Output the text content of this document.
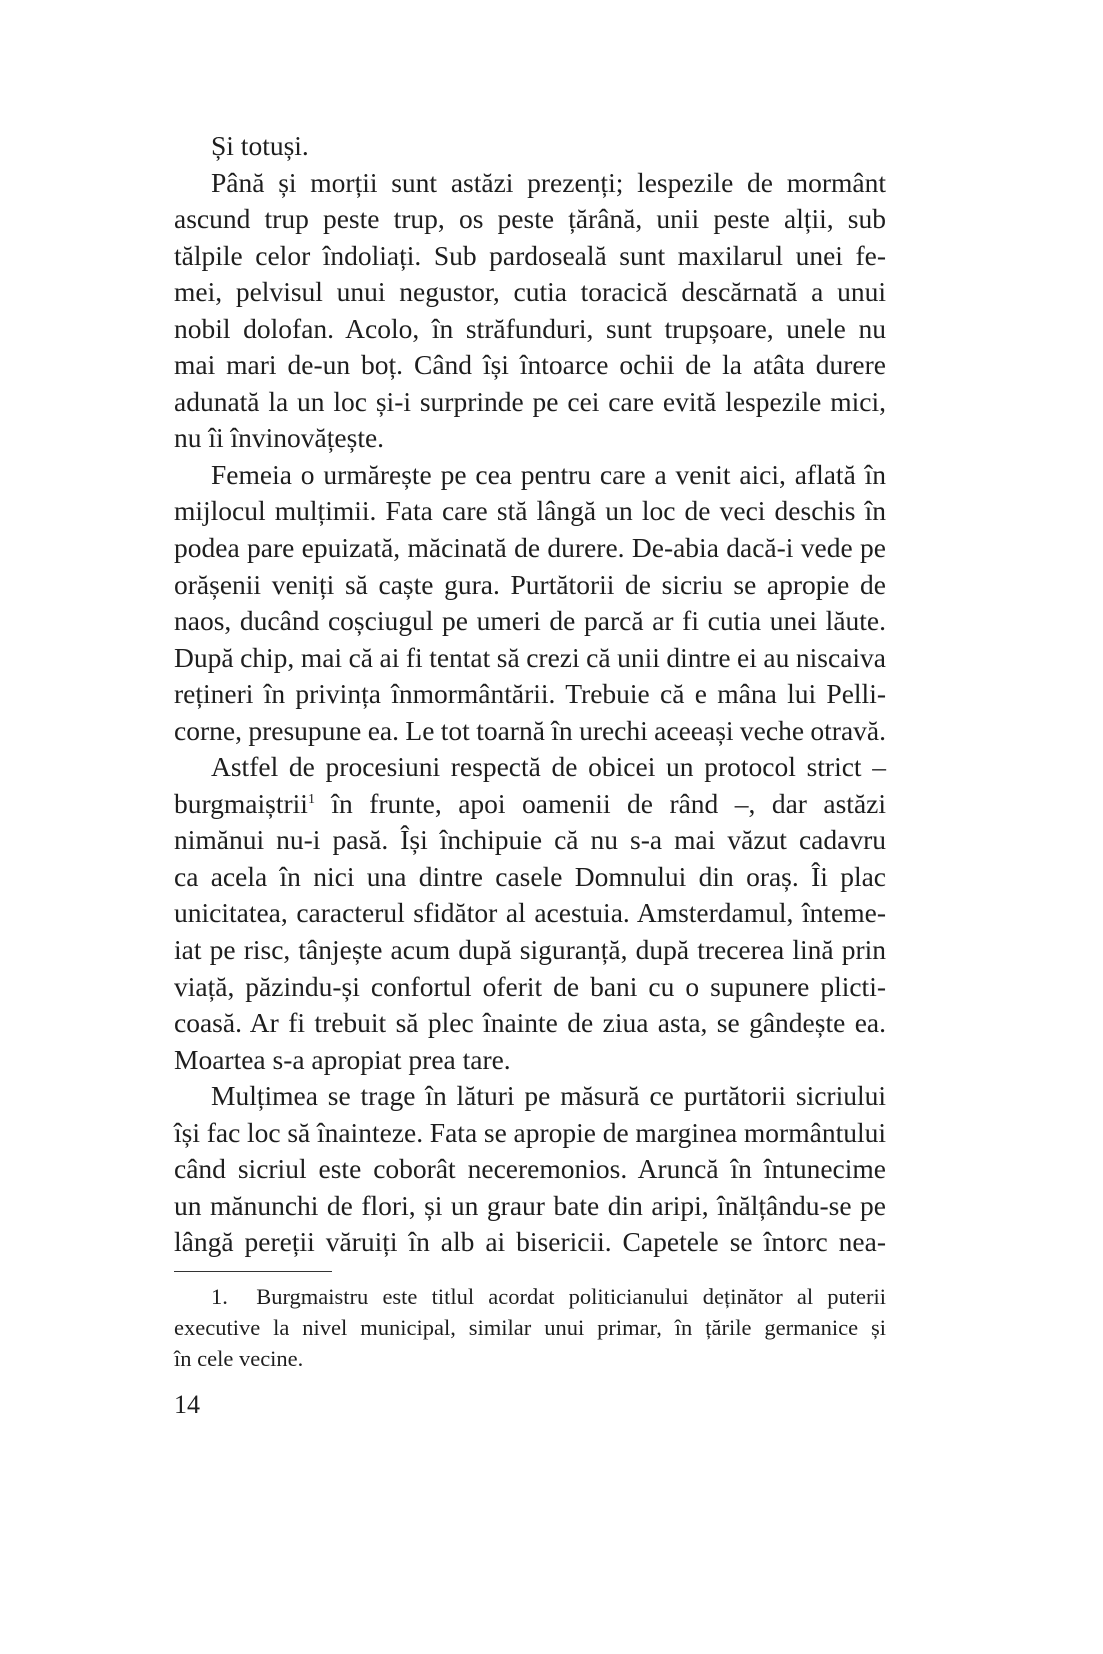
Și totuși.
Până și morții sunt astăzi prezenți; lespezile de mormânt
ascund trup peste trup, os peste țărână, unii peste alții, sub
tălpile celor îndoliați. Sub pardoseală sunt maxilarul unei fe-
mei, pelvisul unui negustor, cutia toracică descărnată a unui
nobil dolofan. Acolo, în străfunduri, sunt trupșoare, unele nu
mai mari de-un boț. Când își întoarce ochii de la atâta durere
adunată la un loc și-i surprinde pe cei care evită lespezile mici,
nu îi învinovățește.
Femeia o urmărește pe cea pentru care a venit aici, aflată în
mijlocul mulțimii. Fata care stă lângă un loc de veci deschis în
podea pare epuizată, măcinată de durere. De-abia dacă-i vede pe
orășenii veniți să caște gura. Purtătorii de sicriu se apropie de
naos, ducând coșciugul pe umeri de parcă ar fi cutia unei lăute.
După chip, mai că ai fi tentat să crezi că unii dintre ei au niscaiva
rețineri în privința înmormântării. Trebuie că e mâna lui Pelli-
corne, presupune ea. Le tot toarnă în urechi aceeași veche otravă.
Astfel de procesiuni respectă de obicei un protocol strict –
burgmaiștrii$^1$ în frunte, apoi oamenii de rând –, dar astăzi
nimănui nu-i pasă. Își închipuie că nu s-a mai văzut cadavru
ca acela în nici una dintre casele Domnului din oraș. Îi plac
unicitatea, caracterul sfidător al acestuia. Amsterdamul, înteme-
iat pe risc, tânjește acum după siguranță, după trecerea lină prin
viață, păzindu-și confortul oferit de bani cu o supunere plicti-
coasă. Ar fi trebuit să plec înainte de ziua asta, se gândește ea.
Moartea s-a apropiat prea tare.
Mulțimea se trage în lături pe măsură ce purtătorii sicriului
își fac loc să înainteze. Fata se apropie de marginea mormântului
când sicriul este coborât neceremonios. Aruncă în întunecime
un mănunchi de flori, și un graur bate din aripi, înălțându-se pe
lângă pereții văruiți în alb ai bisericii. Capetele se întorc nea-
1. Burgmaistru este titlul acordat politicianului deținător al puterii
executive la nivel municipal, similar unui primar, în țările germanice și
în cele vecine.
14
